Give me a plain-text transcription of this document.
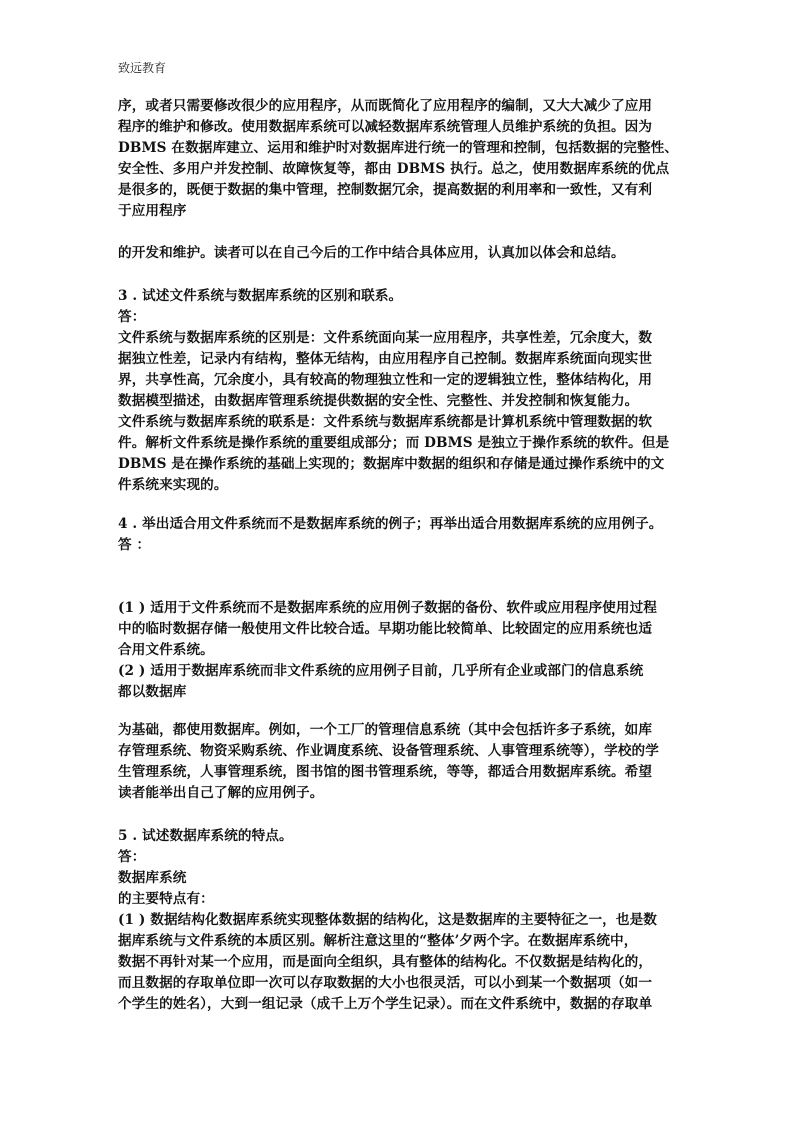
致远教育
序，或者只需要修改很少的应用程序，从而既简化了应用程序的编制，又大大减少了应用
程序的维护和修改。使用数据库系统可以减轻数据库系统管理人员维护系统的负担。因为
DBMS 在数据库建立、运用和维护时对数据库进行统一的管理和控制，包括数据的完整性、
安全性、多用户并发控制、故障恢复等，都由 DBMS 执行。总之，使用数据库系统的优点
是很多的，既便于数据的集中管理，控制数据冗余，提高数据的利用率和一致性，又有利
于应用程序
的开发和维护。读者可以在自己今后的工作中结合具体应用，认真加以体会和总结。
3 . 试述文件系统与数据库系统的区别和联系。
答：
文件系统与数据库系统的区别是：文件系统面向某一应用程序，共享性差，冗余度大，数
据独立性差，记录内有结构，整体无结构，由应用程序自己控制。数据库系统面向现实世
界，共享性高，冗余度小，具有较高的物理独立性和一定的逻辑独立性，整体结构化，用
数据模型描述，由数据库管理系统提供数据的安全性、完整性、并发控制和恢复能力。
文件系统与数据库系统的联系是：文件系统与数据库系统都是计算机系统中管理数据的软
件。解析文件系统是操作系统的重要组成部分；而 DBMS 是独立于操作系统的软件。但是
DBMS 是在操作系统的基础上实现的；数据库中数据的组织和存储是通过操作系统中的文
件系统来实现的。
4 . 举出适合用文件系统而不是数据库系统的例子；再举出适合用数据库系统的应用例子。
答 ：
(1 ) 适用于文件系统而不是数据库系统的应用例子数据的备份、软件或应用程序使用过程
中的临时数据存储一般使用文件比较合适。早期功能比较简单、比较固定的应用系统也适
合用文件系统。
(2 ) 适用于数据库系统而非文件系统的应用例子目前，几乎所有企业或部门的信息系统
都以数据库
为基础，都使用数据库。例如，一个工厂的管理信息系统（其中会包括许多子系统，如库
存管理系统、物资采购系统、作业调度系统、设备管理系统、人事管理系统等），学校的学
生管理系统，人事管理系统，图书馆的图书管理系统，等等，都适合用数据库系统。希望
读者能举出自己了解的应用例子。
5 . 试述数据库系统的特点。
答：
数据库系统
的主要特点有：
(1 ) 数据结构化数据库系统实现整体数据的结构化，这是数据库的主要特征之一，也是数
据库系统与文件系统的本质区别。解析注意这里的“整体’夕两个字。在数据库系统中，
数据不再针对某一个应用，而是面向全组织，具有整体的结构化。不仅数据是结构化的，
而且数据的存取单位即一次可以存取数据的大小也很灵活，可以小到某一个数据项（如一
个学生的姓名），大到一组记录（成千上万个学生记录）。而在文件系统中，数据的存取单
